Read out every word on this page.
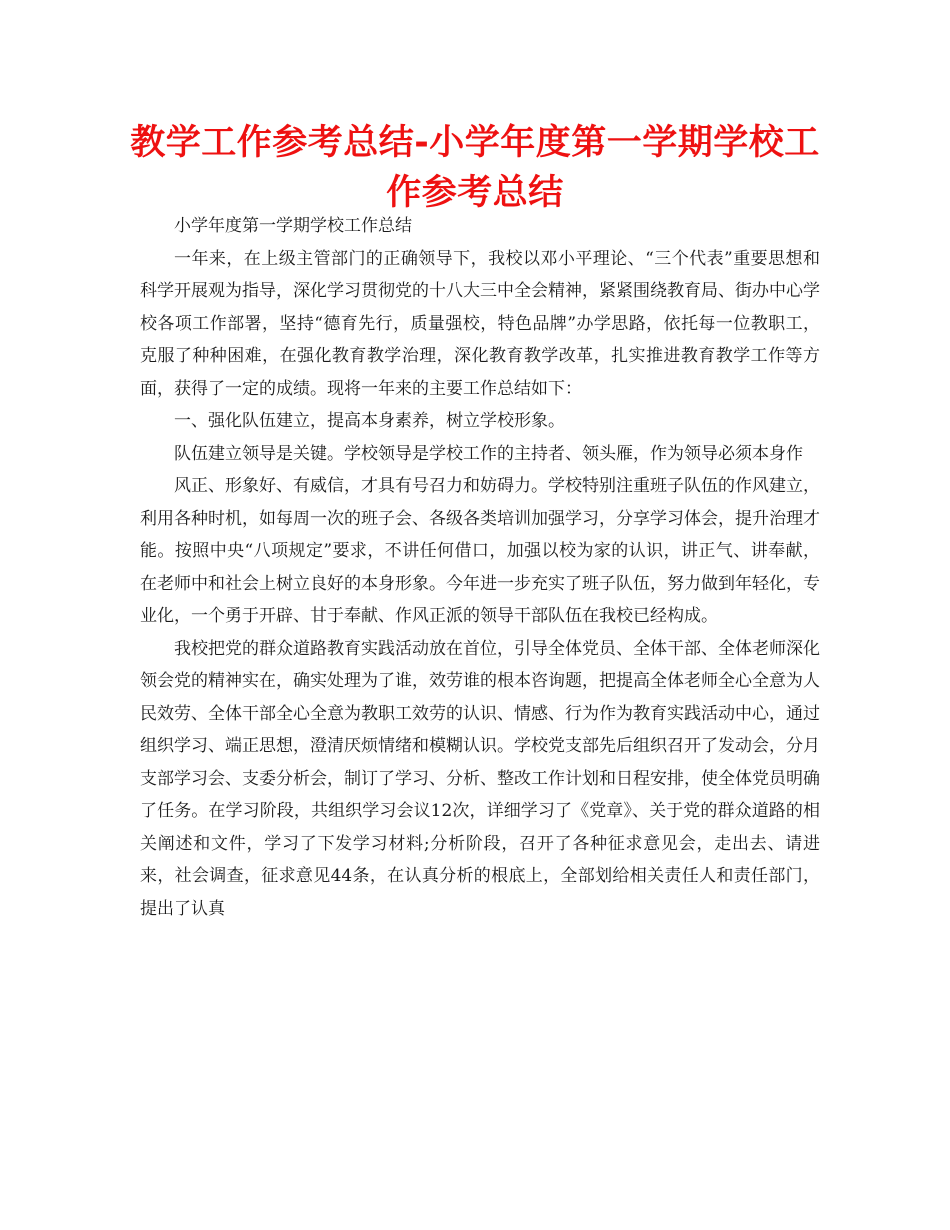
教学工作参考总结-小学年度第一学期学校工作参考总结

小学年度第一学期学校工作总结

一年来，在上级主管部门的正确领导下，我校以邓小平理论、“三个代表”重要思想和科学开展观为指导，深化学习贯彻党的十八大三中全会精神，紧紧围绕教育局、街办中心学校各项工作部署，坚持“德育先行，质量强校，特色品牌”办学思路，依托每一位教职工，克服了种种困难，在强化教育教学治理，深化教育教学改革，扎实推进教育教学工作等方面，获得了一定的成绩。现将一年来的主要工作总结如下：

一、强化队伍建立，提高本身素养，树立学校形象。

队伍建立领导是关键。学校领导是学校工作的主持者、领头雁，作为领导必须本身作

风正、形象好、有威信，才具有号召力和妨碍力。学校特别注重班子队伍的作风建立，利用各种时机，如每周一次的班子会、各级各类培训加强学习，分享学习体会，提升治理才能。按照中央“八项规定”要求，不讲任何借口，加强以校为家的认识，讲正气、讲奉献，在老师中和社会上树立良好的本身形象。今年进一步充实了班子队伍，努力做到年轻化，专业化，一个勇于开辟、甘于奉献、作风正派的领导干部队伍在我校已经构成。

我校把党的群众道路教育实践活动放在首位，引导全体党员、全体干部、全体老师深化领会党的精神实在，确实处理为了谁，效劳谁的根本咨询题，把提高全体老师全心全意为人民效劳、全体干部全心全意为教职工效劳的认识、情感、行为作为教育实践活动中心，通过组织学习、端正思想，澄清厌烦情绪和模糊认识。学校党支部先后组织召开了发动会，分月支部学习会、支委分析会，制订了学习、分析、整改工作计划和日程安排，使全体党员明确了任务。在学习阶段，共组织学习会议12次，详细学习了《党章》、关于党的群众道路的相关阐述和文件，学习了下发学习材料;分析阶段，召开了各种征求意见会，走出去、请进来，社会调查，征求意见44条，在认真分析的根底上，全部划给相关责任人和责任部门，提出了认真
